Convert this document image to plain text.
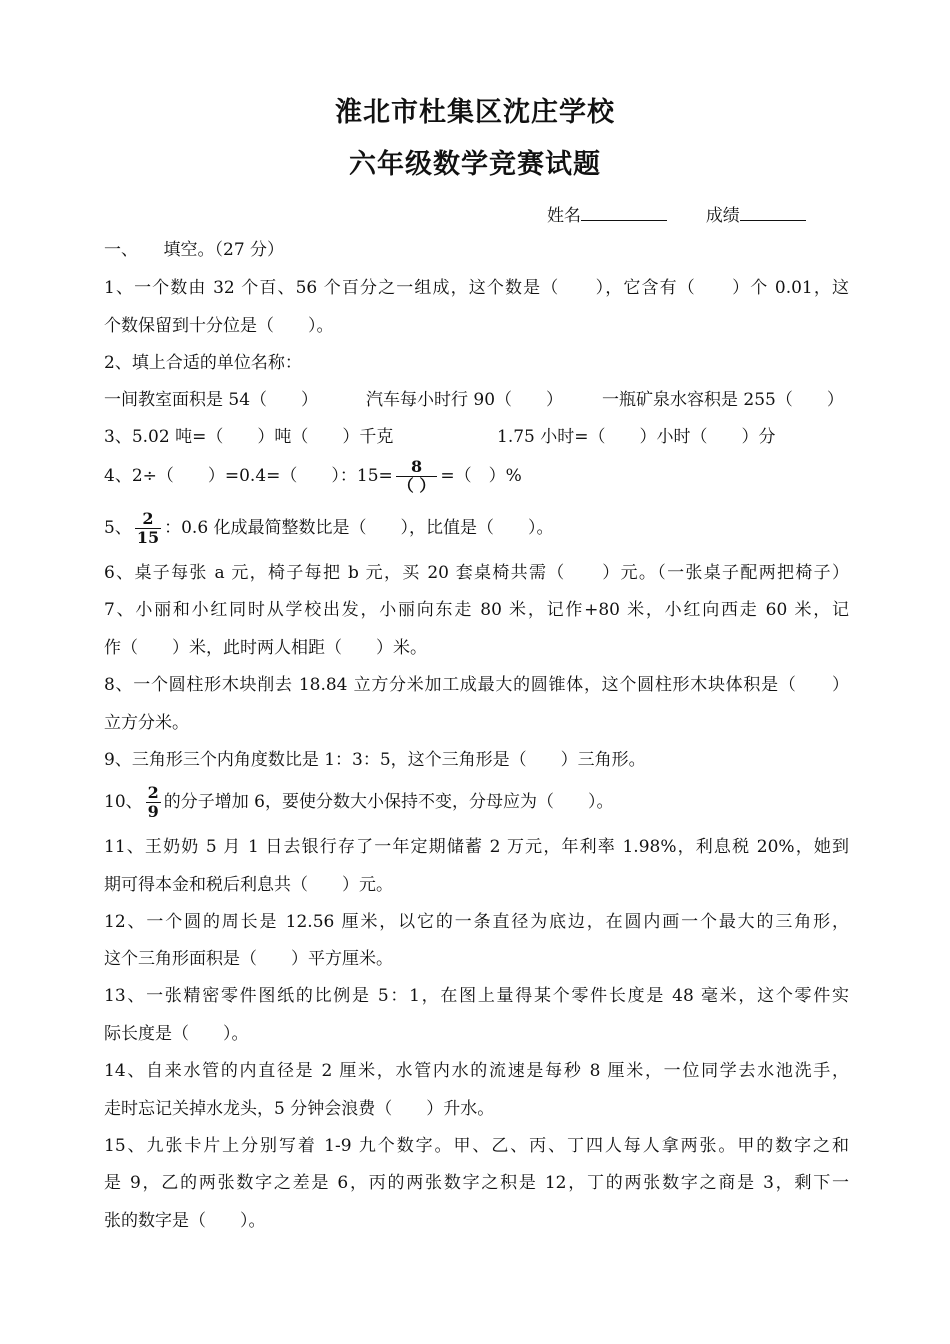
淮北市杜集区沈庄学校
六年级数学竞赛试题
姓名	成绩
一、　　填空。（27 分）
1、一个数由 32 个百、56 个百分之一组成，这个数是（　　），它含有（　　）个 0.01，这
个数保留到十分位是（　　）。
2、填上合适的单位名称：
一间教室面积是 54（　　）	汽车每小时行 90（　　） 一瓶矿泉水容积是 255（　　）
3、5.02 吨=（　　）吨（　　）千克	1.75 小时=（　　）小时（　　）分
4、2÷（　　）=0.4=（　　）：$15= \frac{8}{( )}$ =（　）%
5、 $\frac{2}{15}$ ：0.6 化成最简整数比是（　　），比值是（　　）。
6、桌子每张 a 元，椅子每把 b 元，买 20 套桌椅共需（　　）元。（一张桌子配两把椅子）
7、小丽和小红同时从学校出发，小丽向东走 80 米，记作+80 米，小红向西走 60 米，记
作（　　）米，此时两人相距（　　）米。
8、一个圆柱形木块削去 18.84 立方分米加工成最大的圆锥体，这个圆柱形木块体积是（　　）
立方分米。
9、三角形三个内角度数比是 1：3：5，这个三角形是（　　）三角形。
10、 $\frac{2}{9}$ 的分子增加 6，要使分数大小保持不变，分母应为（　　）。
11、王奶奶 5 月 1 日去银行存了一年定期储蓄 2 万元，年利率 1.98%，利息税 20%，她到
期可得本金和税后利息共（　　）元。
12、一个圆的周长是 12.56 厘米，以它的一条直径为底边，在圆内画一个最大的三角形，
这个三角形面积是（　　）平方厘米。
13、一张精密零件图纸的比例是 5：1，在图上量得某个零件长度是 48 毫米，这个零件实
际长度是（　　）。
14、自来水管的内直径是 2 厘米，水管内水的流速是每秒 8 厘米，一位同学去水池洗手，
走时忘记关掉水龙头，5 分钟会浪费（　　）升水。
15、九张卡片上分别写着 1-9 九个数字。甲、乙、丙、丁四人每人拿两张。甲的数字之和
是 9，乙的两张数字之差是 6，丙的两张数字之积是 12，丁的两张数字之商是 3，剩下一
张的数字是（　　）。
